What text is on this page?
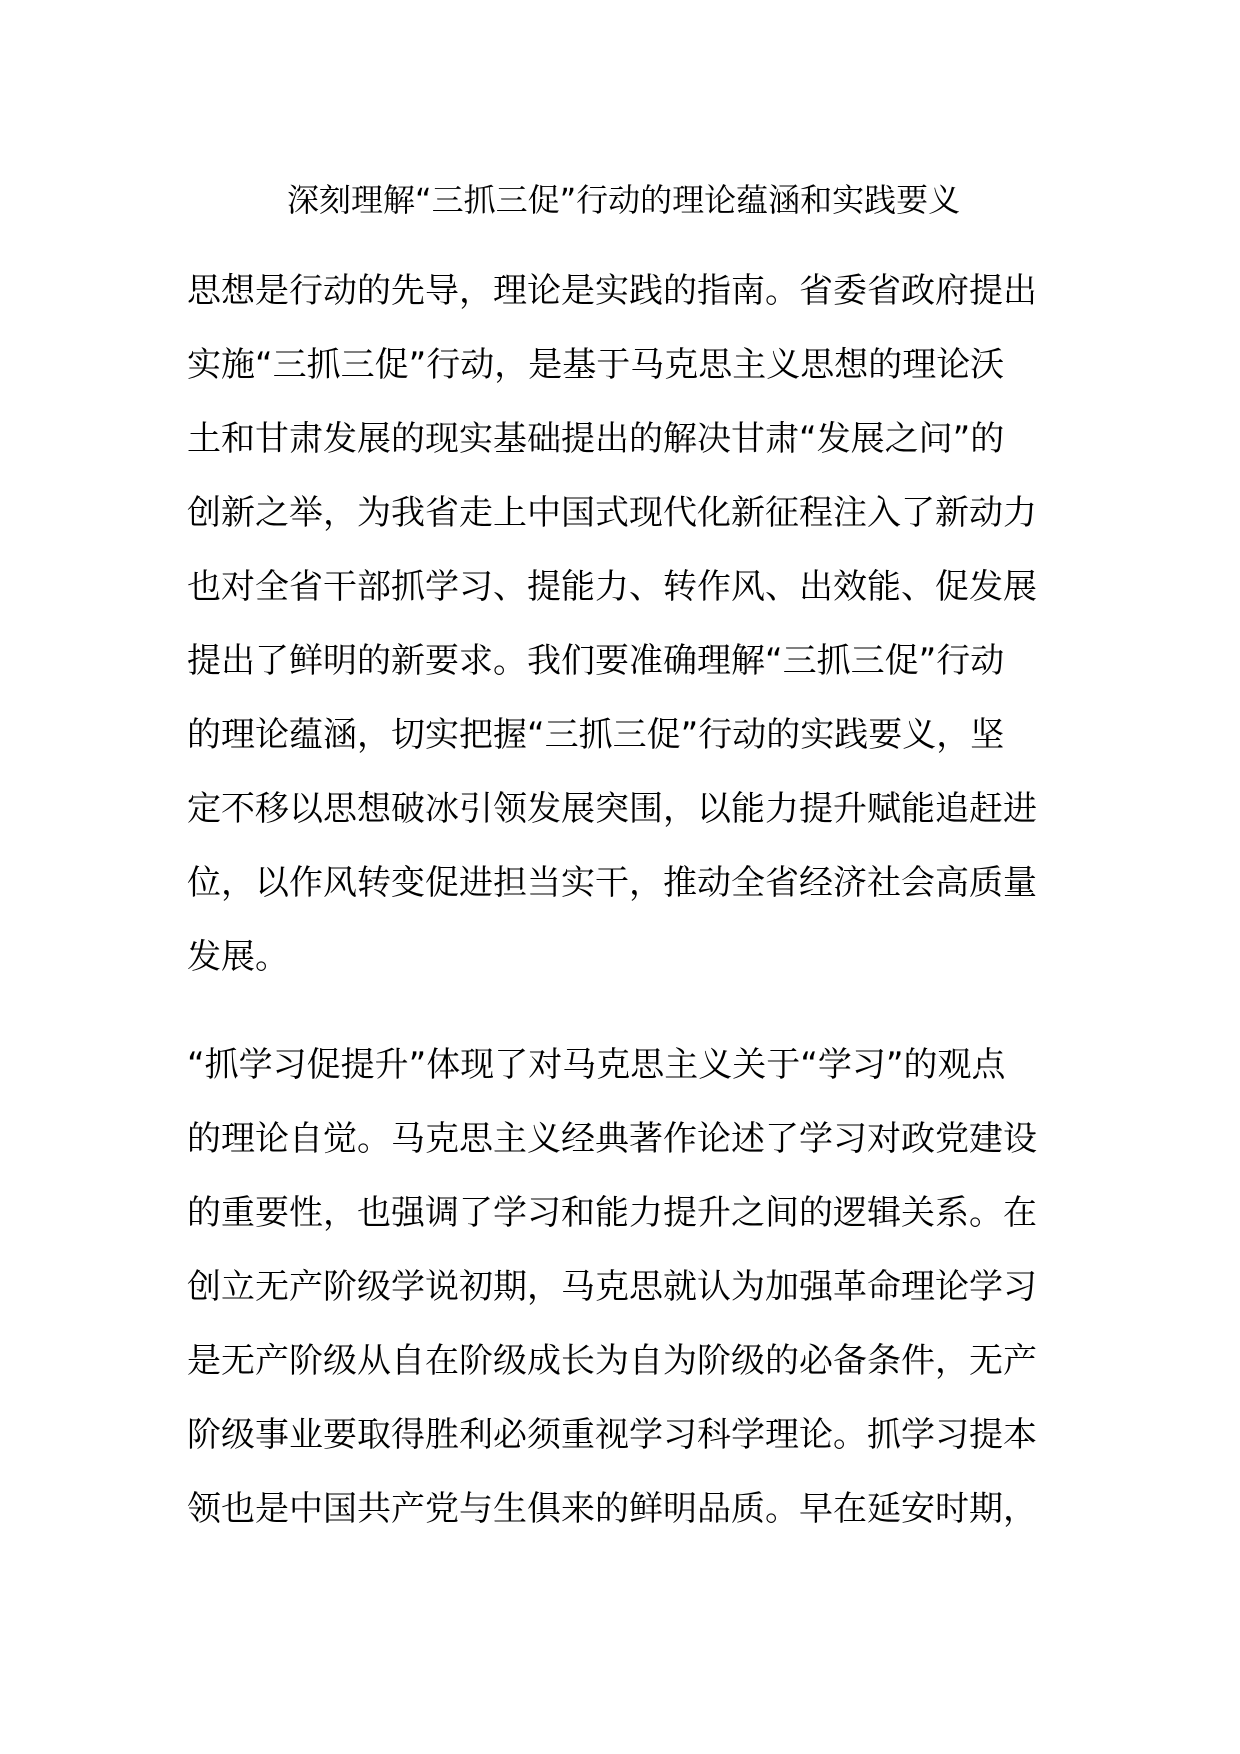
深刻理解“三抓三促”行动的理论蕴涵和实践要义
思想是行动的先导，理论是实践的指南。省委省政府提出
实施“三抓三促”行动，是基于马克思主义思想的理论沃
土和甘肃发展的现实基础提出的解决甘肃“发展之问”的
创新之举，为我省走上中国式现代化新征程注入了新动力
也对全省干部抓学习、提能力、转作风、出效能、促发展
提出了鲜明的新要求。我们要准确理解“三抓三促”行动
的理论蕴涵，切实把握“三抓三促”行动的实践要义，坚
定不移以思想破冰引领发展突围，以能力提升赋能追赶进
位，以作风转变促进担当实干，推动全省经济社会高质量
发展。
“抓学习促提升”体现了对马克思主义关于“学习”的观点
的理论自觉。马克思主义经典著作论述了学习对政党建设
的重要性，也强调了学习和能力提升之间的逻辑关系。在
创立无产阶级学说初期，马克思就认为加强革命理论学习
是无产阶级从自在阶级成长为自为阶级的必备条件，无产
阶级事业要取得胜利必须重视学习科学理论。抓学习提本
领也是中国共产党与生俱来的鲜明品质。早在延安时期，
